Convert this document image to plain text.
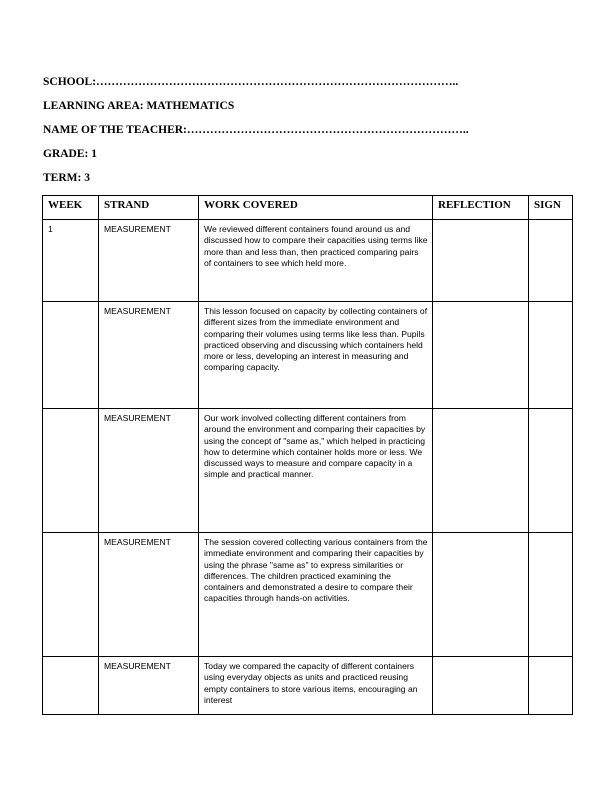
SCHOOL:…………………………………………………………………………………..
LEARNING AREA: MATHEMATICS
NAME OF THE TEACHER:………………………………………………………………..
GRADE: 1
TERM: 3
WEEK	STRAND	WORK COVERED	REFLECTION	SIGN
1	MEASUREMENT	We reviewed different containers found around us and discussed how to compare their capacities using terms like more than and less than, then practiced comparing pairs of containers to see which held more.		
	MEASUREMENT	This lesson focused on capacity by collecting containers of different sizes from the immediate environment and comparing their volumes using terms like less than. Pupils practiced observing and discussing which containers held more or less, developing an interest in measuring and comparing capacity.		
	MEASUREMENT	Our work involved collecting different containers from around the environment and comparing their capacities by using the concept of "same as," which helped in practicing how to determine which container holds more or less. We discussed ways to measure and compare capacity in a simple and practical manner.		
	MEASUREMENT	The session covered collecting various containers from the immediate environment and comparing their capacities by using the phrase "same as" to express similarities or differences. The children practiced examining the containers and demonstrated a desire to compare their capacities through hands-on activities.		
	MEASUREMENT	Today we compared the capacity of different containers using everyday objects as units and practiced reusing empty containers to store various items, encouraging an interest		
